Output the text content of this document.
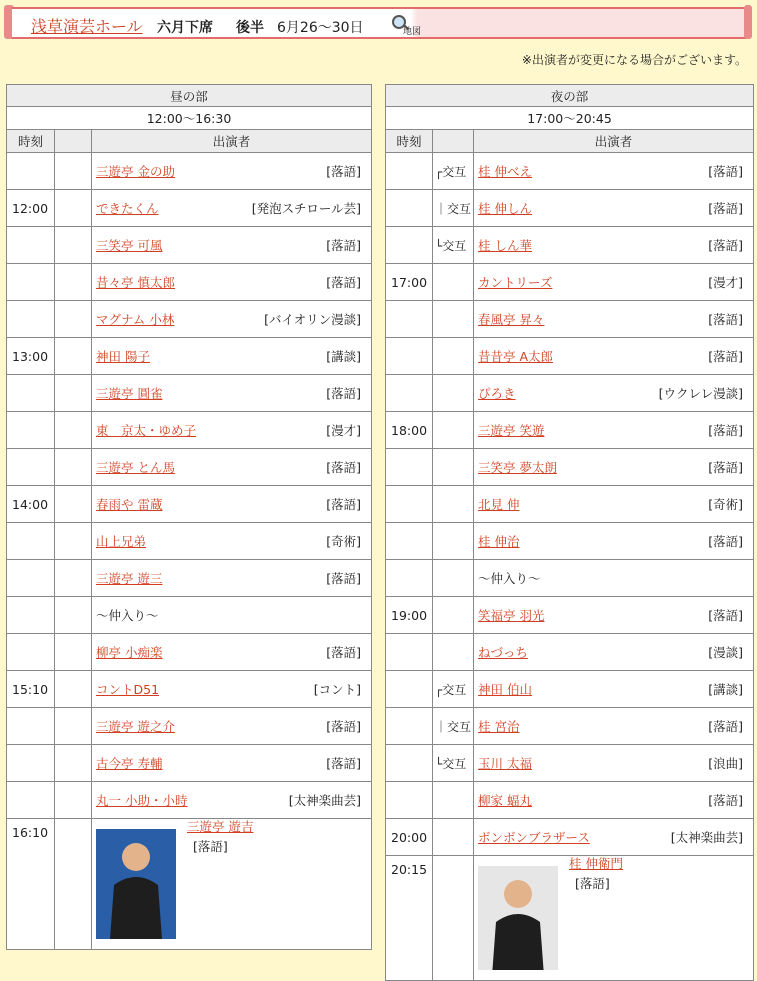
浅草演芸ホール 六月下席 後半 6月26〜30日	地図
※出演者が変更になる場合がございます。
昼の部		
12:00〜16:30		
時刻		出演者

		三遊亭 金の助 [落語]

12:00		できたくん [発泡スチロール芸]

		三笑亭 可風 [落語]

		昔々亭 慎太郎 [落語]

		マグナム 小林 [バイオリン漫談]

13:00		神田 陽子 [講談]

		三遊亭 圓雀 [落語]

		東　京太・ゆめ子 [漫才]

		三遊亭 とん馬 [落語]

14:00		春雨や 雷蔵 [落語]

		山上兄弟 [奇術]

		三遊亭 遊三 [落語]

		〜仲入り〜

		柳亭 小痴楽 [落語]

15:10		コントD51 [コント]

		三遊亭 遊之介 [落語]

		古今亭 寿輔 [落語]

		丸一 小助・小時 [太神楽曲芸]

16:10		三遊亭 遊吉
[落語]
夜の部		
17:00〜20:45		
時刻		出演者
	┌交互	桂 伸べえ [落語]

	｜交互	桂 伸しん [落語]

	└交互	桂 しん華 [落語]

17:00		カントリーズ [漫才]

		春風亭 昇々 [落語]

		昔昔亭 A太郎 [落語]

		ぴろき [ウクレレ漫談]

18:00		三遊亭 笑遊 [落語]

		三笑亭 夢太朗 [落語]

		北見 伸 [奇術]

		桂 伸治 [落語]

		〜仲入り〜
19:00		笑福亭 羽光 [落語]

		ねづっち [漫談]

	┌交互	神田 伯山 [講談]

	｜交互	桂 宮治 [落語]

	└交互	玉川 太福 [浪曲]

		柳家 蝠丸 [落語]

20:00		ボンボンブラザース [太神楽曲芸]

20:15		桂 伸衛門
[落語]
